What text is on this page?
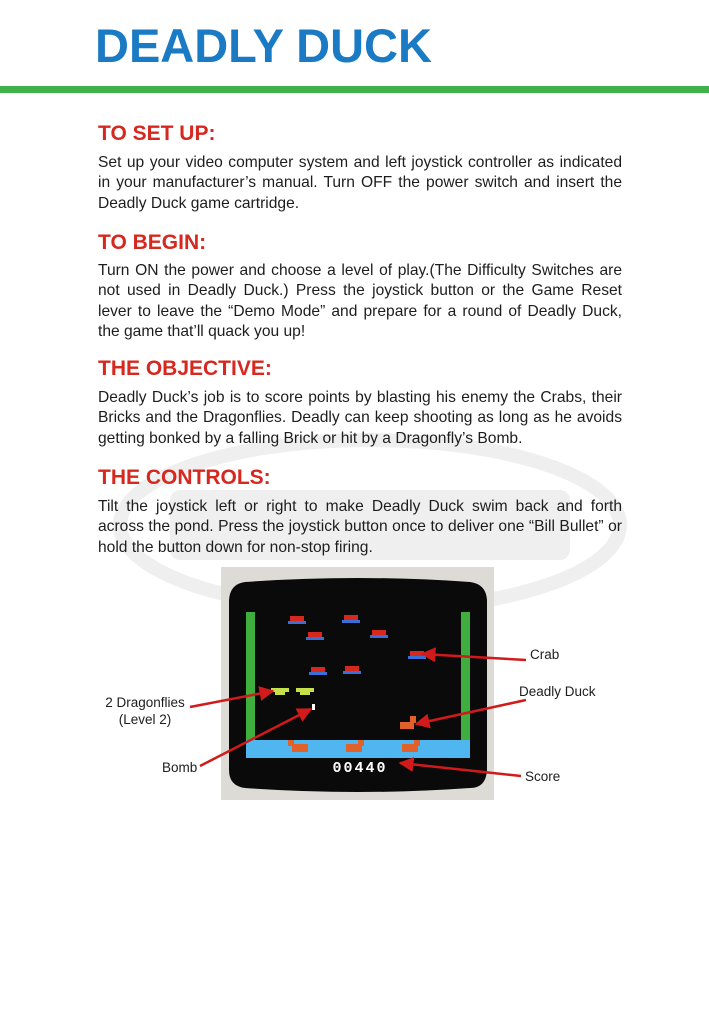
DEADLY DUCK
TO SET UP:

Set up your video computer system and left joystick controller as indicated in your manufacturer’s manual. Turn OFF the power switch and insert the Deadly Duck game cartridge.

TO BEGIN:

Turn ON the power and choose a level of play.(The Difficulty Switches are not used in Deadly Duck.) Press the joystick button or the Game Reset lever to leave the “Demo Mode” and prepare for a round of Deadly Duck, the game that’ll quack you up!

THE OBJECTIVE:

Deadly Duck’s job is to score points by blasting his enemy the Crabs, their Bricks and the Dragonflies. Deadly can keep shooting as long as he avoids getting bonked by a falling Brick or hit by a Dragonfly’s Bomb.

THE CONTROLS:

Tilt the joystick left or right to make Deadly Duck swim back and forth across the pond. Press the joystick button once to deliver one “Bill Bullet” or hold the button down for non-stop firing.

00440
Crab
Deadly Duck
2 Dragonflies
(Level 2)
Bomb
Score
